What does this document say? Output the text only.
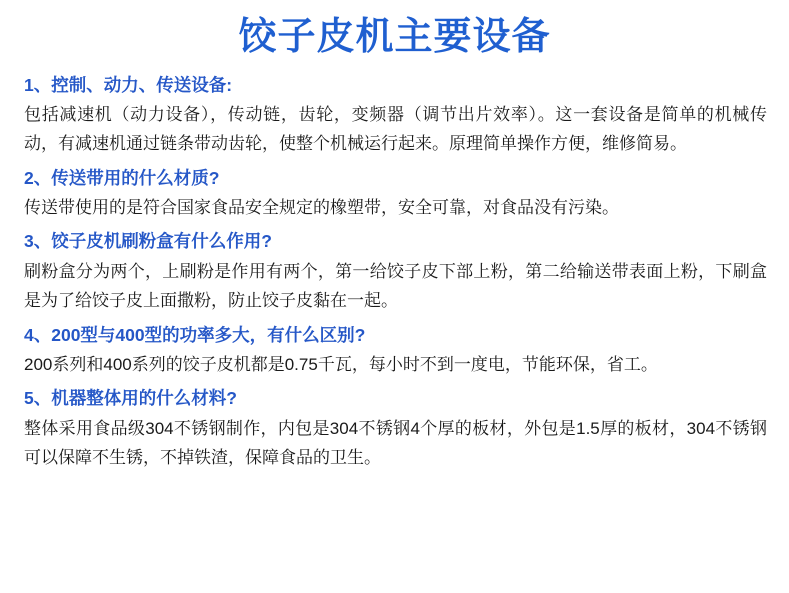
饺子皮机主要设备

1、控制、动力、传送设备:

包括减速机（动力设备），传动链，齿轮，变频器（调节出片效率）。这一套设备是简单的机械传动，有减速机通过链条带动齿轮，使整个机械运行起来。原理简单操作方便，维修简易。

2、传送带用的什么材质?

传送带使用的是符合国家食品安全规定的橡塑带，安全可靠，对食品没有污染。

3、饺子皮机刷粉盒有什么作用?

刷粉盒分为两个，上刷粉是作用有两个，第一给饺子皮下部上粉，第二给输送带表面上粉，下刷盒是为了给饺子皮上面撒粉，防止饺子皮黏在一起。

4、200型与400型的功率多大，有什么区别?

200系列和400系列的饺子皮机都是0.75千瓦，每小时不到一度电，节能环保，省工。

5、机器整体用的什么材料?

整体采用食品级304不锈钢制作，内包是304不锈钢4个厚的板材，外包是1.5厚的板材，304不锈钢可以保障不生锈，不掉铁渣，保障食品的卫生。
